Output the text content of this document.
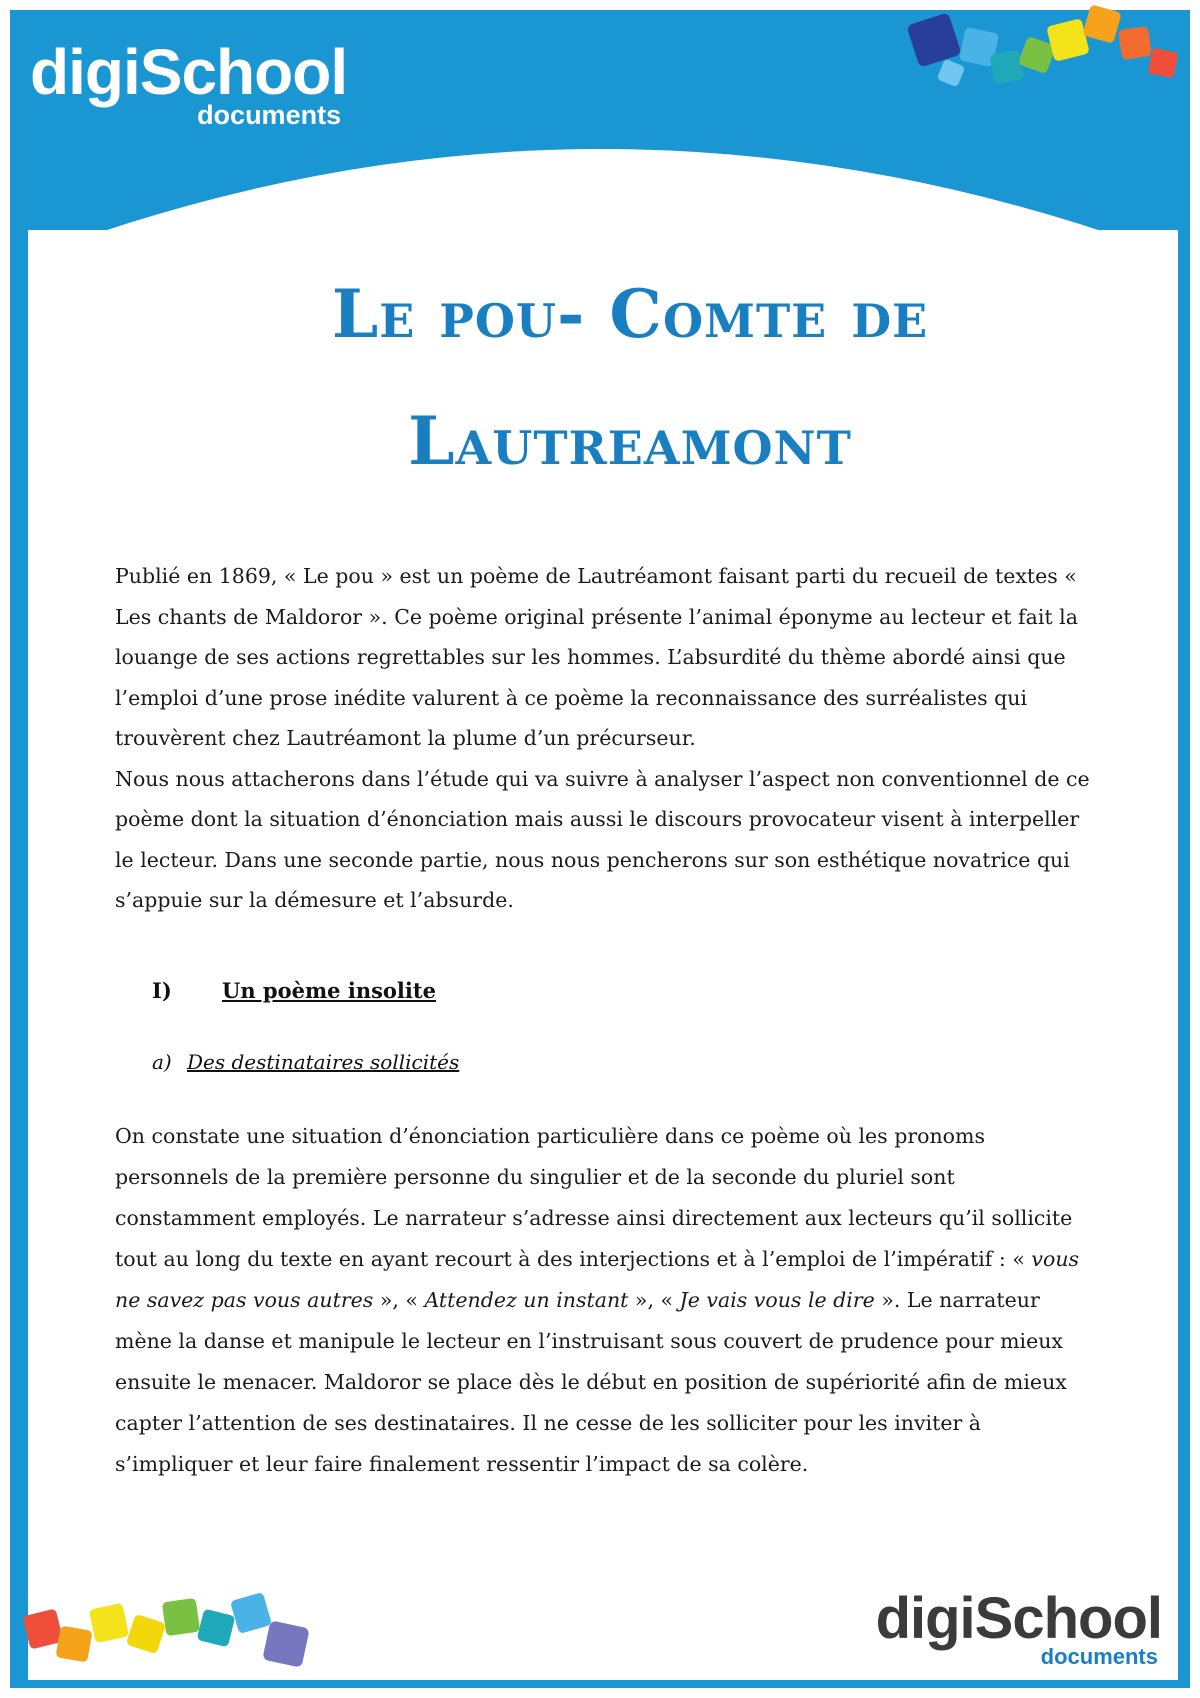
digiSchool
documents
Le pou- Comte de
Lautreamont

Publié en 1869, « Le pou » est un poème de Lautréamont faisant parti du recueil de textes « Les chants de Maldoror ». Ce poème original présente l’animal éponyme au lecteur et fait la louange de ses actions regrettables sur les hommes. L’absurdité du thème abordé ainsi que l’emploi d’une prose inédite valurent à ce poème la reconnaissance des surréalistes qui trouvèrent chez Lautréamont la plume d’un précurseur.

Nous nous attacherons dans l’étude qui va suivre à analyser l’aspect non conventionnel de ce poème dont la situation d’énonciation mais aussi le discours provocateur visent à interpeller le lecteur. Dans une seconde partie, nous nous pencherons sur son esthétique novatrice qui s’appuie sur la démesure et l’absurde.

I) Un poème insolite
a) Des destinataires sollicités

On constate une situation d’énonciation particulière dans ce poème où les pronoms personnels de la première personne du singulier et de la seconde du pluriel sont constamment employés. Le narrateur s’adresse ainsi directement aux lecteurs qu’il sollicite tout au long du texte en ayant recourt à des interjections et à l’emploi de l’impératif : « vous ne savez pas vous autres », « Attendez un instant », « Je vais vous le dire ». Le narrateur mène la danse et manipule le lecteur en l’instruisant sous couvert de prudence pour mieux ensuite le menacer. Maldoror se place dès le début en position de supériorité afin de mieux capter l’attention de ses destinataires. Il ne cesse de les solliciter pour les inviter à s’impliquer et leur faire finalement ressentir l’impact de sa colère.

digiSchool
documents
